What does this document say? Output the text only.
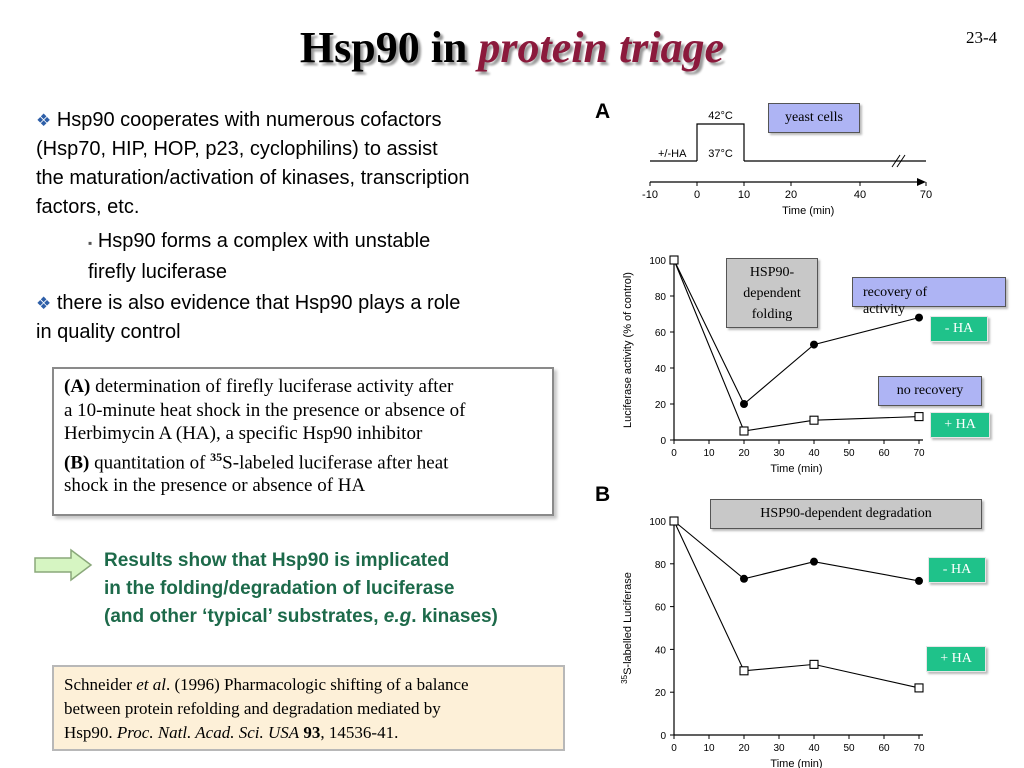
Hsp90 in protein triage	23-4
❖ Hsp90 cooperates with numerous cofactors
(Hsp70, HIP, HOP, p23, cyclophilins) to assist
the maturation/activation of kinases, transcription
factors, etc.
▪ Hsp90 forms a complex with unstable
firefly luciferase
❖ there is also evidence that Hsp90 plays a role
in quality control
(A) determination of firefly luciferase activity after
a 10-minute heat shock in the presence or absence of
Herbimycin A (HA), a specific Hsp90 inhibitor
(B) quantitation of $^{35}$S-labeled luciferase after heat
shock in the presence or absence of HA
Results show that Hsp90 is implicated
in the folding/degradation of luciferase
(and other ‘typical’ substrates, e.g. kinases)
Schneider et al. (1996) Pharmacologic shifting of a balance
between protein refolding and degradation mediated by
Hsp90. Proc. Natl. Acad. Sci. USA 93, 14536-41.
A
B
+/-HA
42°C
37°C
-10	0	10	20	40	70
Time (min)
0
20
40
60
80
100
0	10 20 30 40 50 60 70
Time (min)
Luciferase activity (% of control)
0
20
40
60
80
100
0	10 20 30 40 50 60 70
Time (min)
$^{35}$S-labelled Luciferase
yeast cells
HSP90-
dependent
folding
recovery of
activity
- HA
no recovery
+ HA
HSP90-dependent degradation
- HA
+ HA
